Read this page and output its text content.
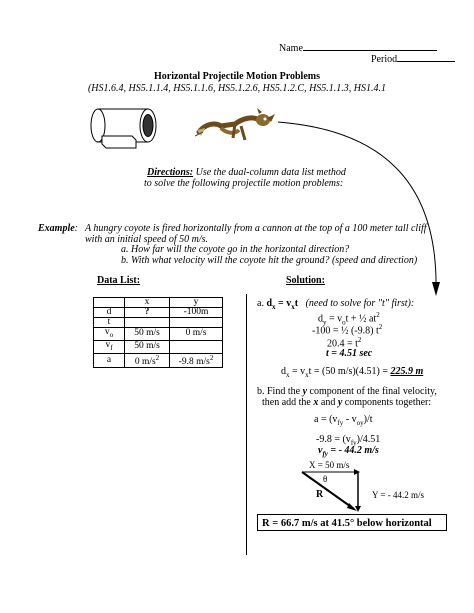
Name
Period
Horizontal Projectile Motion Problems
(HS1.6.4, HS5.1.1.4, HS5.1.1.6, HS5.1.2.6, HS5.1.2.C, HS5.1.1.3, HS1.4.1
Directions: Use the dual-column data list method
to solve the following projectile motion problems:
Example: A hungry coyote is fired horizontally from a cannon at the top of a 100 meter tall cliff
with an initial speed of 50 m/s.
a. How far will the coyote go in the horizontal direction?
b. With what velocity will the coyote hit the ground? (speed and direction)
Data List:	Solution:
	x	y
d	?	-100m
t		
$v_o$	50 m/s	0 m/s
$v_f$	50 m/s	
a	0 $m/s^2$	-9.8 $m/s^2$
a. $d_x = v_xt$ (need to solve for "t" first):
$d_y = v_ot$ + ½ $at^2$
-100 = ½ (-9.8) $t^2$
$20.4 = t^2$
t = 4.51 sec
$d_x = v_xt = (50$ m/s)(4.51) = 225.9 m
b. Find the y component of the final velocity,
then add the x and y components together:
$a = (v_{fy} - v_{oy})/t$
$-9.8 = (v_{fy})/4.51$
$v_{fy}$ = - 44.2 m/s
X = 50 m/s
θ
R	Y = - 44.2 m/s
R = 66.7 m/s at 41.5° below horizontal
